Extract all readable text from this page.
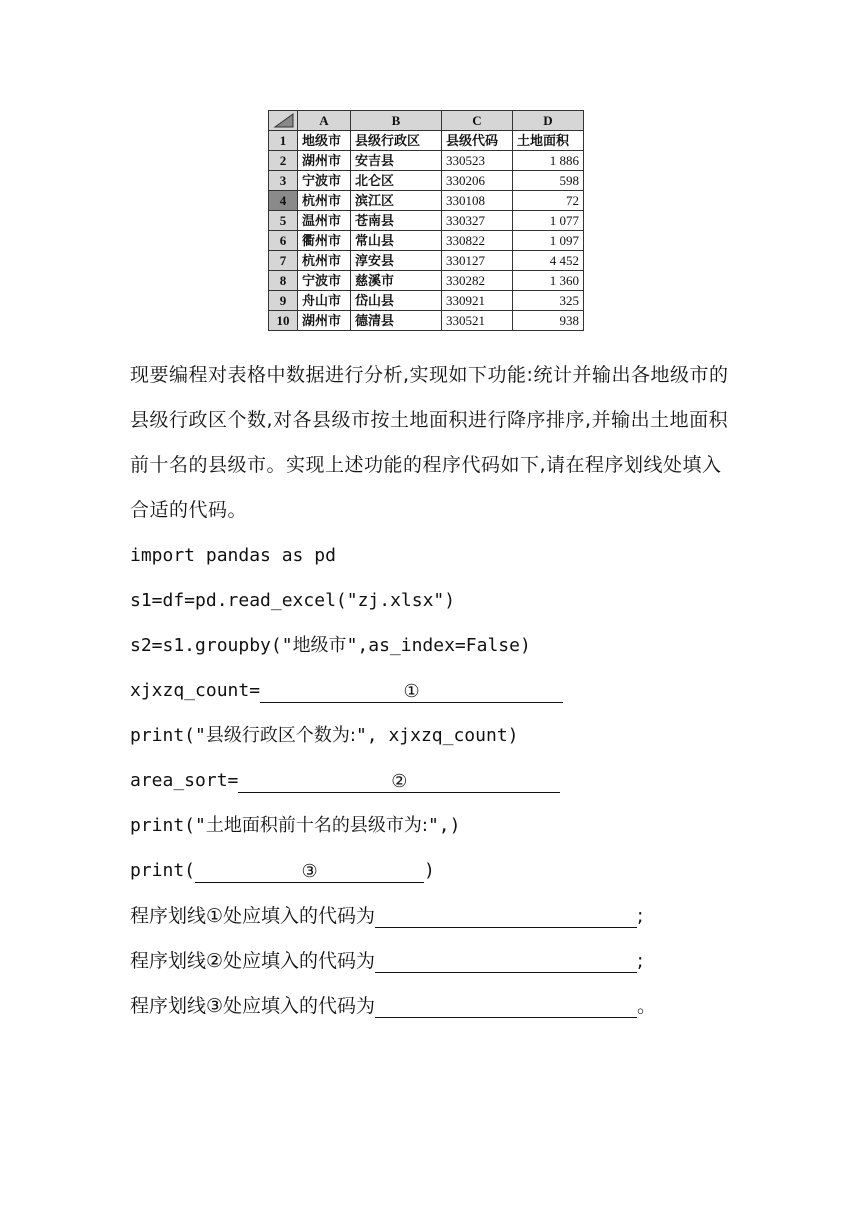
	A	B	C	D
1	地级市	县级行政区	县级代码	土地面积
2	湖州市	安吉县	330523	1 886
3	宁波市	北仑区	330206	598
4	杭州市	滨江区	330108	72
5	温州市	苍南县	330327	1 077
6	衢州市	常山县	330822	1 097
7	杭州市	淳安县	330127	4 452
8	宁波市	慈溪市	330282	1 360
9	舟山市	岱山县	330921	325
10	湖州市	德清县	330521	938
现要编程对表格中数据进行分析,实现如下功能:统计并输出各地级市的县级行政区个数,对各县级市按土地面积进行降序排序,并输出土地面积前十名的县级市。实现上述功能的程序代码如下,请在程序划线处填入合适的代码。
import pandas as pd
s1=df=pd.read_excel("zj.xlsx")
s2=s1.groupby("地级市",as_index=False)
xjxzq_count=	①
print("县级行政区个数为:", xjxzq_count)
area_sort=	②
print("土地面积前十名的县级市为:",)
print(	③	)
程序划线①处应填入的代码为	;
程序划线②处应填入的代码为	;
程序划线③处应填入的代码为	。
